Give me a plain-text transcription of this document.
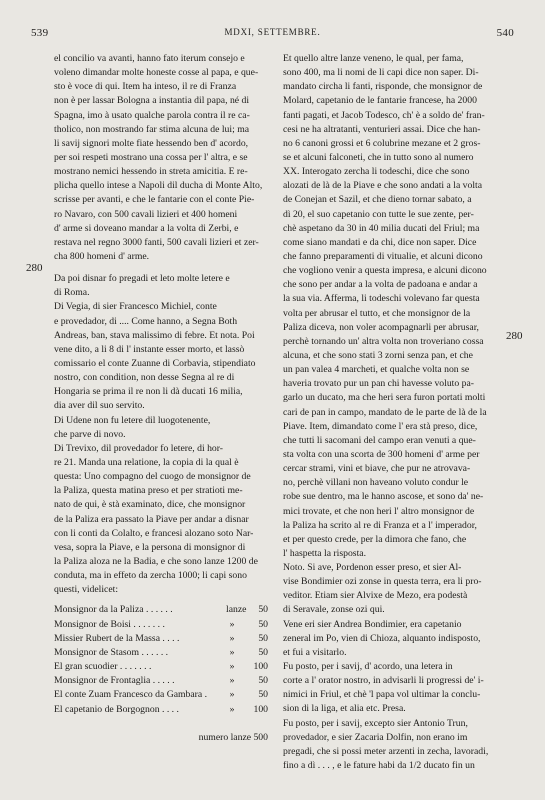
539	MDXI, SETTEMBRE.	540
280
280
el concilio va avanti, hanno fato iterum consejo e
voleno dimandar molte honeste cosse al papa, e que-
sto è voce di qui. Item ha inteso, il re di Franza
non è per lassar Bologna a instantia dil papa, né di
Spagna, imo à usato qualche parola contra il re ca-
tholico, non mostrando far stima alcuna de lui; ma
li savij signori molte fiate hessendo ben d' acordo,
per soi respeti mostrano una cossa per l' altra, e se
mostrano nemici hessendo in streta amicitia. E re-
plicha quello intese a Napoli dil ducha di Monte Alto,
scrisse per avanti, e che le fantarie con el conte Pie-
ro Navaro, con 500 cavali lizieri et 400 homeni
d' arme si doveano mandar a la volta di Zerbi, e
restava nel regno 3000 fanti, 500 cavali lizieri et zer-
cha 800 homeni d' arme.
Da poi disnar fo pregadi et leto molte letere e
di Roma.
Di Vegia, di sier Francesco Michiel, conte
e provedador, di .... Come hanno, a Segna Both
Andreas, ban, stava malissimo di febre. Et nota. Poi
vene dito, a li 8 di l' instante esser morto, et lassò
comissario el conte Zuanne di Corbavia, stipendiato
nostro, con condition, non desse Segna al re di
Hongaria se prima il re non li dà ducati 16 milia,
dia aver dil suo servito.
Di Udene non fu letere dil luogotenente,
che parve di novo.
Di Trevixo, dil provedador fo letere, di hor-
re 21. Manda una relatione, la copia di la qual è
questa: Uno compagno del cuogo de monsignor de
la Paliza, questa matina preso et per stratioti me-
nato de qui, è stà examinato, dice, che monsignor
de la Paliza era passato la Piave per andar a disnar
con li conti da Colalto, e francesi alozano soto Nar-
vesa, sopra la Piave, e la persona di monsignor di
la Paliza aloza ne la Badia, e che sono lanze 1200 de
conduta, ma in effeto da zercha 1000; li capi sono
questi, videlicet:
Monsignor da la Paliza . . . . . .	lanze	50
Monsignor de Boisi . . . . . . .	»	50
Missier Rubert de la Massa . . . .	»	50
Monsignor de Stasom . . . . . .	»	50
El gran scuodier . . . . . . .	»	100
Monsignor de Frontaglia . . . . .	»	50
El conte Zuam Francesco da Gambara .	»	50
El capetanio de Borgognon . . . .	»	100
numero lanze 500
Et quello altre lanze veneno, le qual, per fama,
sono 400, ma li nomi de li capi dice non saper. Di-
mandato circha li fanti, risponde, che monsignor de
Molard, capetanio de le fantarie francese, ha 2000
fanti pagati, et Jacob Todesco, ch' è a soldo de' fran-
cesi ne ha altratanti, venturieri assai. Dice che han-
no 6 canoni grossi et 6 colubrine mezane et 2 gros-
se et alcuni falconeti, che in tutto sono al numero
XX. Interogato zercha li todeschi, dice che sono
alozati de là de la Piave e che sono andati a la volta
de Conejan et Sazil, et che dieno tornar sabato, a
dì 20, el suo capetanio con tutte le sue zente, per-
chè aspetano da 30 in 40 milia ducati del Friul; ma
come siano mandati e da chi, dice non saper. Dice
che fanno preparamenti di vitualie, et alcuni dicono
che vogliono venir a questa impresa, e alcuni dicono
che sono per andar a la volta de padoana e andar a
la sua via. Afferma, li todeschi volevano far questa
volta per abrusar el tutto, et che monsignor de la
Paliza diceva, non voler acompagnarli per abrusar,
perchè tornando un' altra volta non troveriano cossa
alcuna, et che sono stati 3 zorni senza pan, et che
un pan valea 4 marcheti, et qualche volta non se
haveria trovato pur un pan chi havesse voluto pa-
garlo un ducato, ma che heri sera furon portati molti
cari de pan in campo, mandato de le parte de là de la
Piave. Item, dimandato come l' era stà preso, dice,
che tutti li sacomani del campo eran venuti a que-
sta volta con una scorta de 300 homeni d' arme per
cercar strami, vini et biave, che pur ne atrovava-
no, perchè villani non haveano voluto condur le
robe sue dentro, ma le hanno ascose, et sono da' ne-
mici trovate, et che non heri l' altro monsignor de
la Paliza ha scrito al re di Franza et a l' imperador,
et per questo crede, per la dimora che fano, che
l' haspetta la risposta.
Noto. Si ave, Pordenon esser preso, et sier Al-
vise Bondimier ozi zonse in questa terra, era li pro-
veditor. Etiam sier Alvixe de Mezo, era podestà
di Seravale, zonse ozi qui.
Vene eri sier Andrea Bondimier, era capetanio
zeneral im Po, vien di Chioza, alquanto indisposto,
et fui a visitarlo.
Fu posto, per i savij, d' acordo, una letera in
corte a l' orator nostro, in advisarli li progressi de' i-
nimici in Friul, et chè 'l papa vol ultimar la conclu-
sion di la liga, et alia etc. Presa.
Fu posto, per i savij, excepto sier Antonio Trun,
provedador, e sier Zacaria Dolfin, non erano im
pregadi, che si possi meter arzenti in zecha, lavoradi,
fino a dì . . . , e le fature habi da 1/2 ducato fin un
